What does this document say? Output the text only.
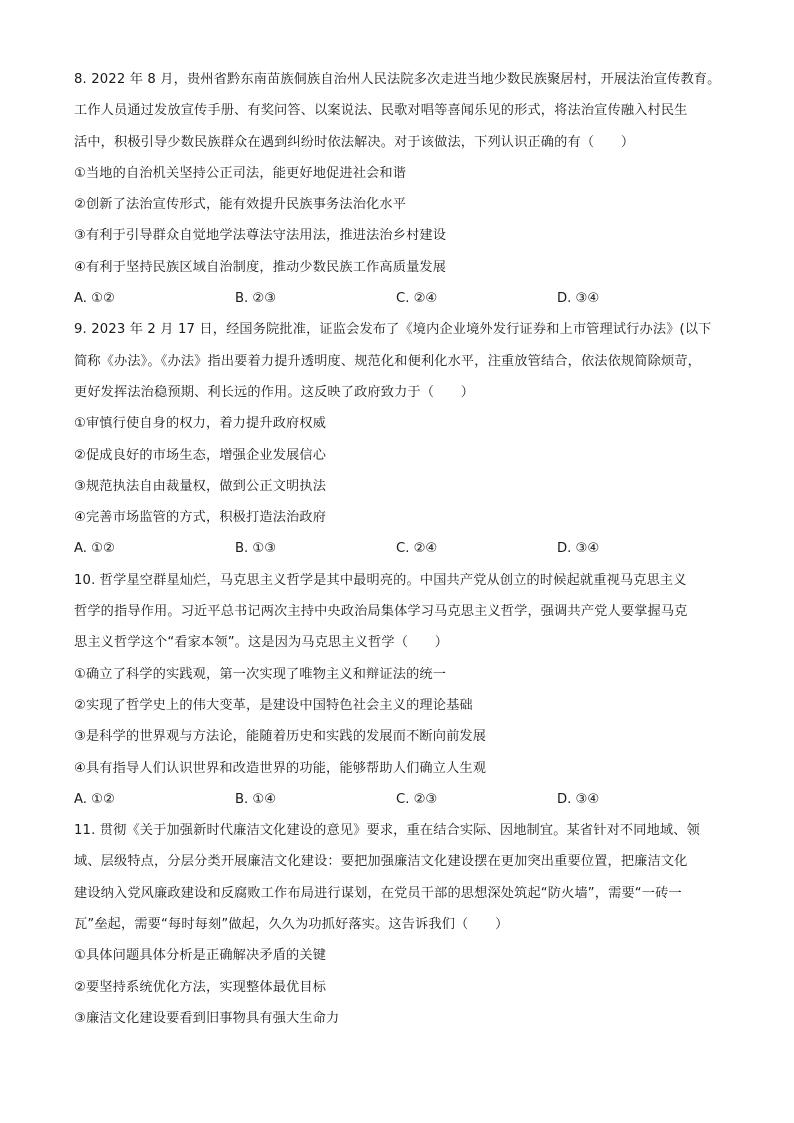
8. 2022 年 8 月，贵州省黔东南苗族侗族自治州人民法院多次走进当地少数民族聚居村，开展法治宣传教育。
工作人员通过发放宣传手册、有奖问答、以案说法、民歌对唱等喜闻乐见的形式，将法治宣传融入村民生
活中，积极引导少数民族群众在遇到纠纷时依法解决。对于该做法，下列认识正确的有（　　）
①当地的自治机关坚持公正司法，能更好地促进社会和谐
②创新了法治宣传形式，能有效提升民族事务法治化水平
③有利于引导群众自觉地学法尊法守法用法，推进法治乡村建设
④有利于坚持民族区域自治制度，推动少数民族工作高质量发展
A. ①②	B. ②③	C. ②④	D. ③④
9. 2023 年 2 月 17 日，经国务院批准，证监会发布了《境内企业境外发行证券和上市管理试行办法》(以下
简称《办法》。《办法》指出要着力提升透明度、规范化和便利化水平，注重放管结合，依法依规简除烦苛，
更好发挥法治稳预期、利长远的作用。这反映了政府致力于（　　）
①审慎行使自身的权力，着力提升政府权威
②促成良好的市场生态，增强企业发展信心
③规范执法自由裁量权，做到公正文明执法
④完善市场监管的方式，积极打造法治政府
A. ①②	B. ①③	C. ②④	D. ③④
10. 哲学星空群星灿烂，马克思主义哲学是其中最明亮的。中国共产党从创立的时候起就重视马克思主义
哲学的指导作用。习近平总书记两次主持中央政治局集体学习马克思主义哲学，强调共产党人要掌握马克
思主义哲学这个“看家本领”。这是因为马克思主义哲学（　　）
①确立了科学的实践观，第一次实现了唯物主义和辩证法的统一
②实现了哲学史上的伟大变革，是建设中国特色社会主义的理论基础
③是科学的世界观与方法论，能随着历史和实践的发展而不断向前发展
④具有指导人们认识世界和改造世界的功能，能够帮助人们确立人生观
A. ①②	B. ①④	C. ②③	D. ③④
11. 贯彻《关于加强新时代廉洁文化建设的意见》要求，重在结合实际、因地制宜。某省针对不同地域、领
域、层级特点，分层分类开展廉洁文化建设：要把加强廉洁文化建设摆在更加突出重要位置，把廉洁文化
建设纳入党风廉政建设和反腐败工作布局进行谋划，在党员干部的思想深处筑起“防火墙”，需要“一砖一
瓦”垒起，需要“每时每刻”做起，久久为功抓好落实。这告诉我们（　　）
①具体问题具体分析是正确解决矛盾的关键
②要坚持系统优化方法，实现整体最优目标
③廉洁文化建设要看到旧事物具有强大生命力
